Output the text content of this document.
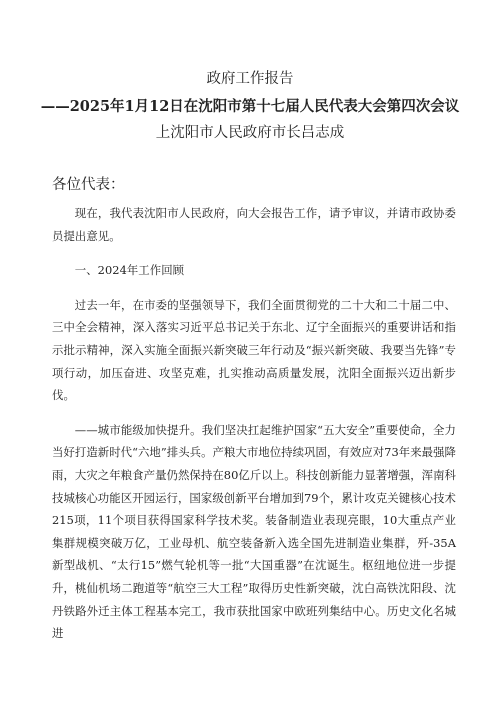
政府工作报告
——2025年1月12日在沈阳市第十七届人民代表大会第四次会议
上沈阳市人民政府市长吕志成
各位代表：

现在，我代表沈阳市人民政府，向大会报告工作，请予审议，并请市政协委员提出意见。

一、2024年工作回顾

过去一年，在市委的坚强领导下，我们全面贯彻党的二十大和二十届二中、三中全会精神，深入落实习近平总书记关于东北、辽宁全面振兴的重要讲话和指示批示精神，深入实施全面振兴新突破三年行动及“振兴新突破、我要当先锋”专项行动，加压奋进、攻坚克难，扎实推动高质量发展，沈阳全面振兴迈出新步伐。

——城市能级加快提升。我们坚决扛起维护国家“五大安全”重要使命，全力当好打造新时代“六地”排头兵。产粮大市地位持续巩固，有效应对73年来最强降雨，大灾之年粮食产量仍然保持在80亿斤以上。科技创新能力显著增强，浑南科技城核心功能区开园运行，国家级创新平台增加到79个，累计攻克关键核心技术215项，11个项目获得国家科学技术奖。装备制造业表现亮眼，10大重点产业集群规模突破万亿，工业母机、航空装备新入选全国先进制造业集群，歼-35A新型战机、“太行15”燃气轮机等一批“大国重器”在沈诞生。枢纽地位进一步提升，桃仙机场二跑道等“航空三大工程”取得历史性新突破，沈白高铁沈阳段、沈丹铁路外迁主体工程基本完工，我市获批国家中欧班列集结中心。历史文化名城进
